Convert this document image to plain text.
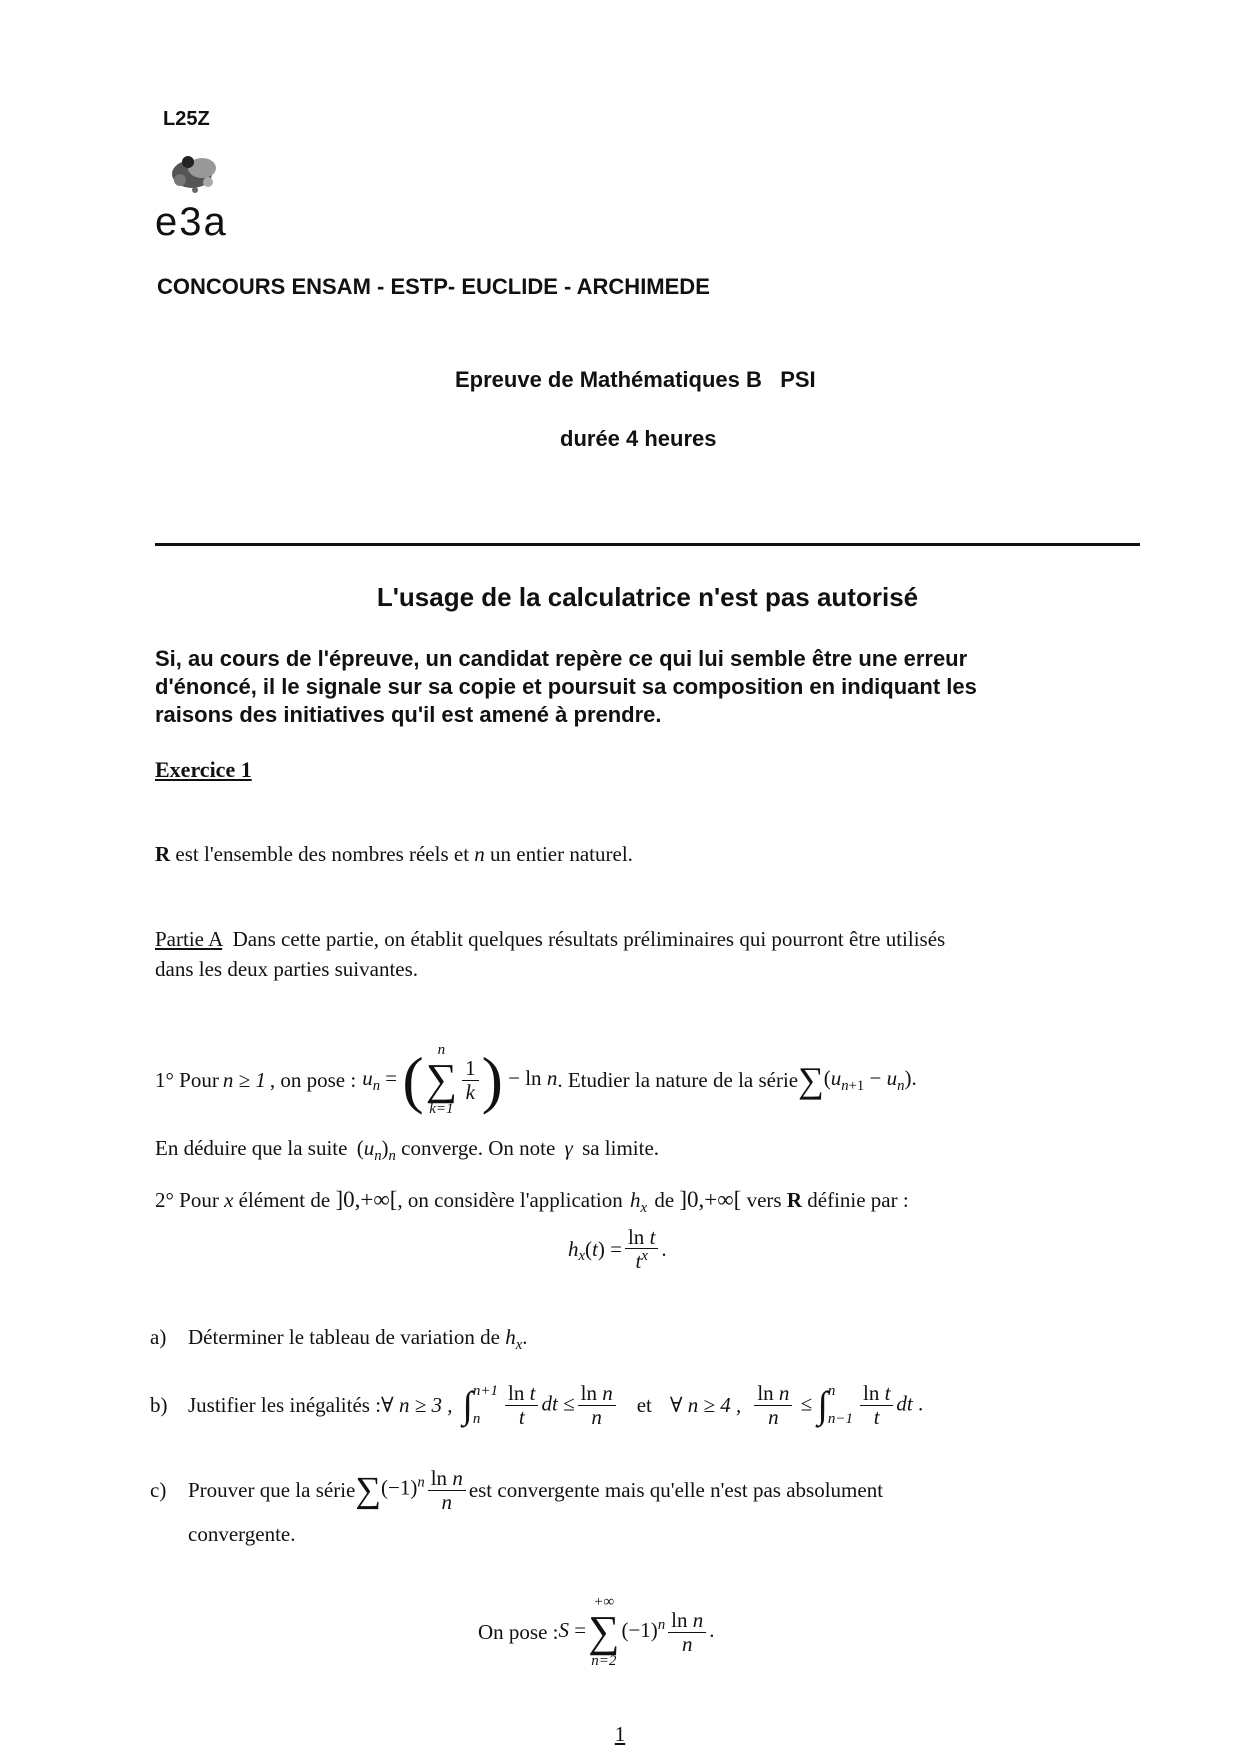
L25Z
e3a
CONCOURS ENSAM - ESTP- EUCLIDE - ARCHIMEDE
Epreuve de Mathématiques B   PSI
durée 4 heures
L'usage de la calculatrice n'est pas autorisé
Si, au cours de l'épreuve, un candidat repère ce qui lui semble être une erreur
d'énoncé, il le signale sur sa copie et poursuit sa composition en indiquant les
raisons des initiatives qu'il est amené à prendre.
Exercice 1
R est l'ensemble des nombres réels et n un entier naturel.
Partie A  Dans cette partie, on établit quelques résultats préliminaires qui pourront être utilisés
dans les deux parties suivantes.
1° Pour n ≥ 1 , on pose : $u_n$ = ( n
∑
k=1
$\frac{1}{k}$ ) − ln n . Etudier la nature de la série $\sum(u_{n+1} - u_n)$.
En déduire que la suite $(u_n)_n$ converge. On note γ sa limite.
2° Pour x élément de ]0,+∞[, on considère l'application $h_x$ de ]0,+∞[ vers R définie par :
h $_x$ ( t ) = $\frac{\text{ln t}}{t^x}$ .
a) Déterminer le tableau de variation de $h_x$.
b) Justifier les inégalités : ∀ n ≥ 3 , ∫ n+1
n	$\frac{\text{ln t}}{t}$ dt ≤ $\frac{\text{ln n}}{n}$ et ∀ n ≥ 4 , $\frac{\text{ln n}}{n}$ ≤ ∫ n
$n-1 \frac{\text{ln t}}{t}$ dt .
c)	Prouver que la série $\sum(-1)^n \frac{\text{ln n}}{n}$ est convergente mais qu'elle n'est pas absolument
convergente.
On pose : S =
+∞
∑
n=2
$(-1)^n \frac{\text{ln n}}{n}$ .
1
